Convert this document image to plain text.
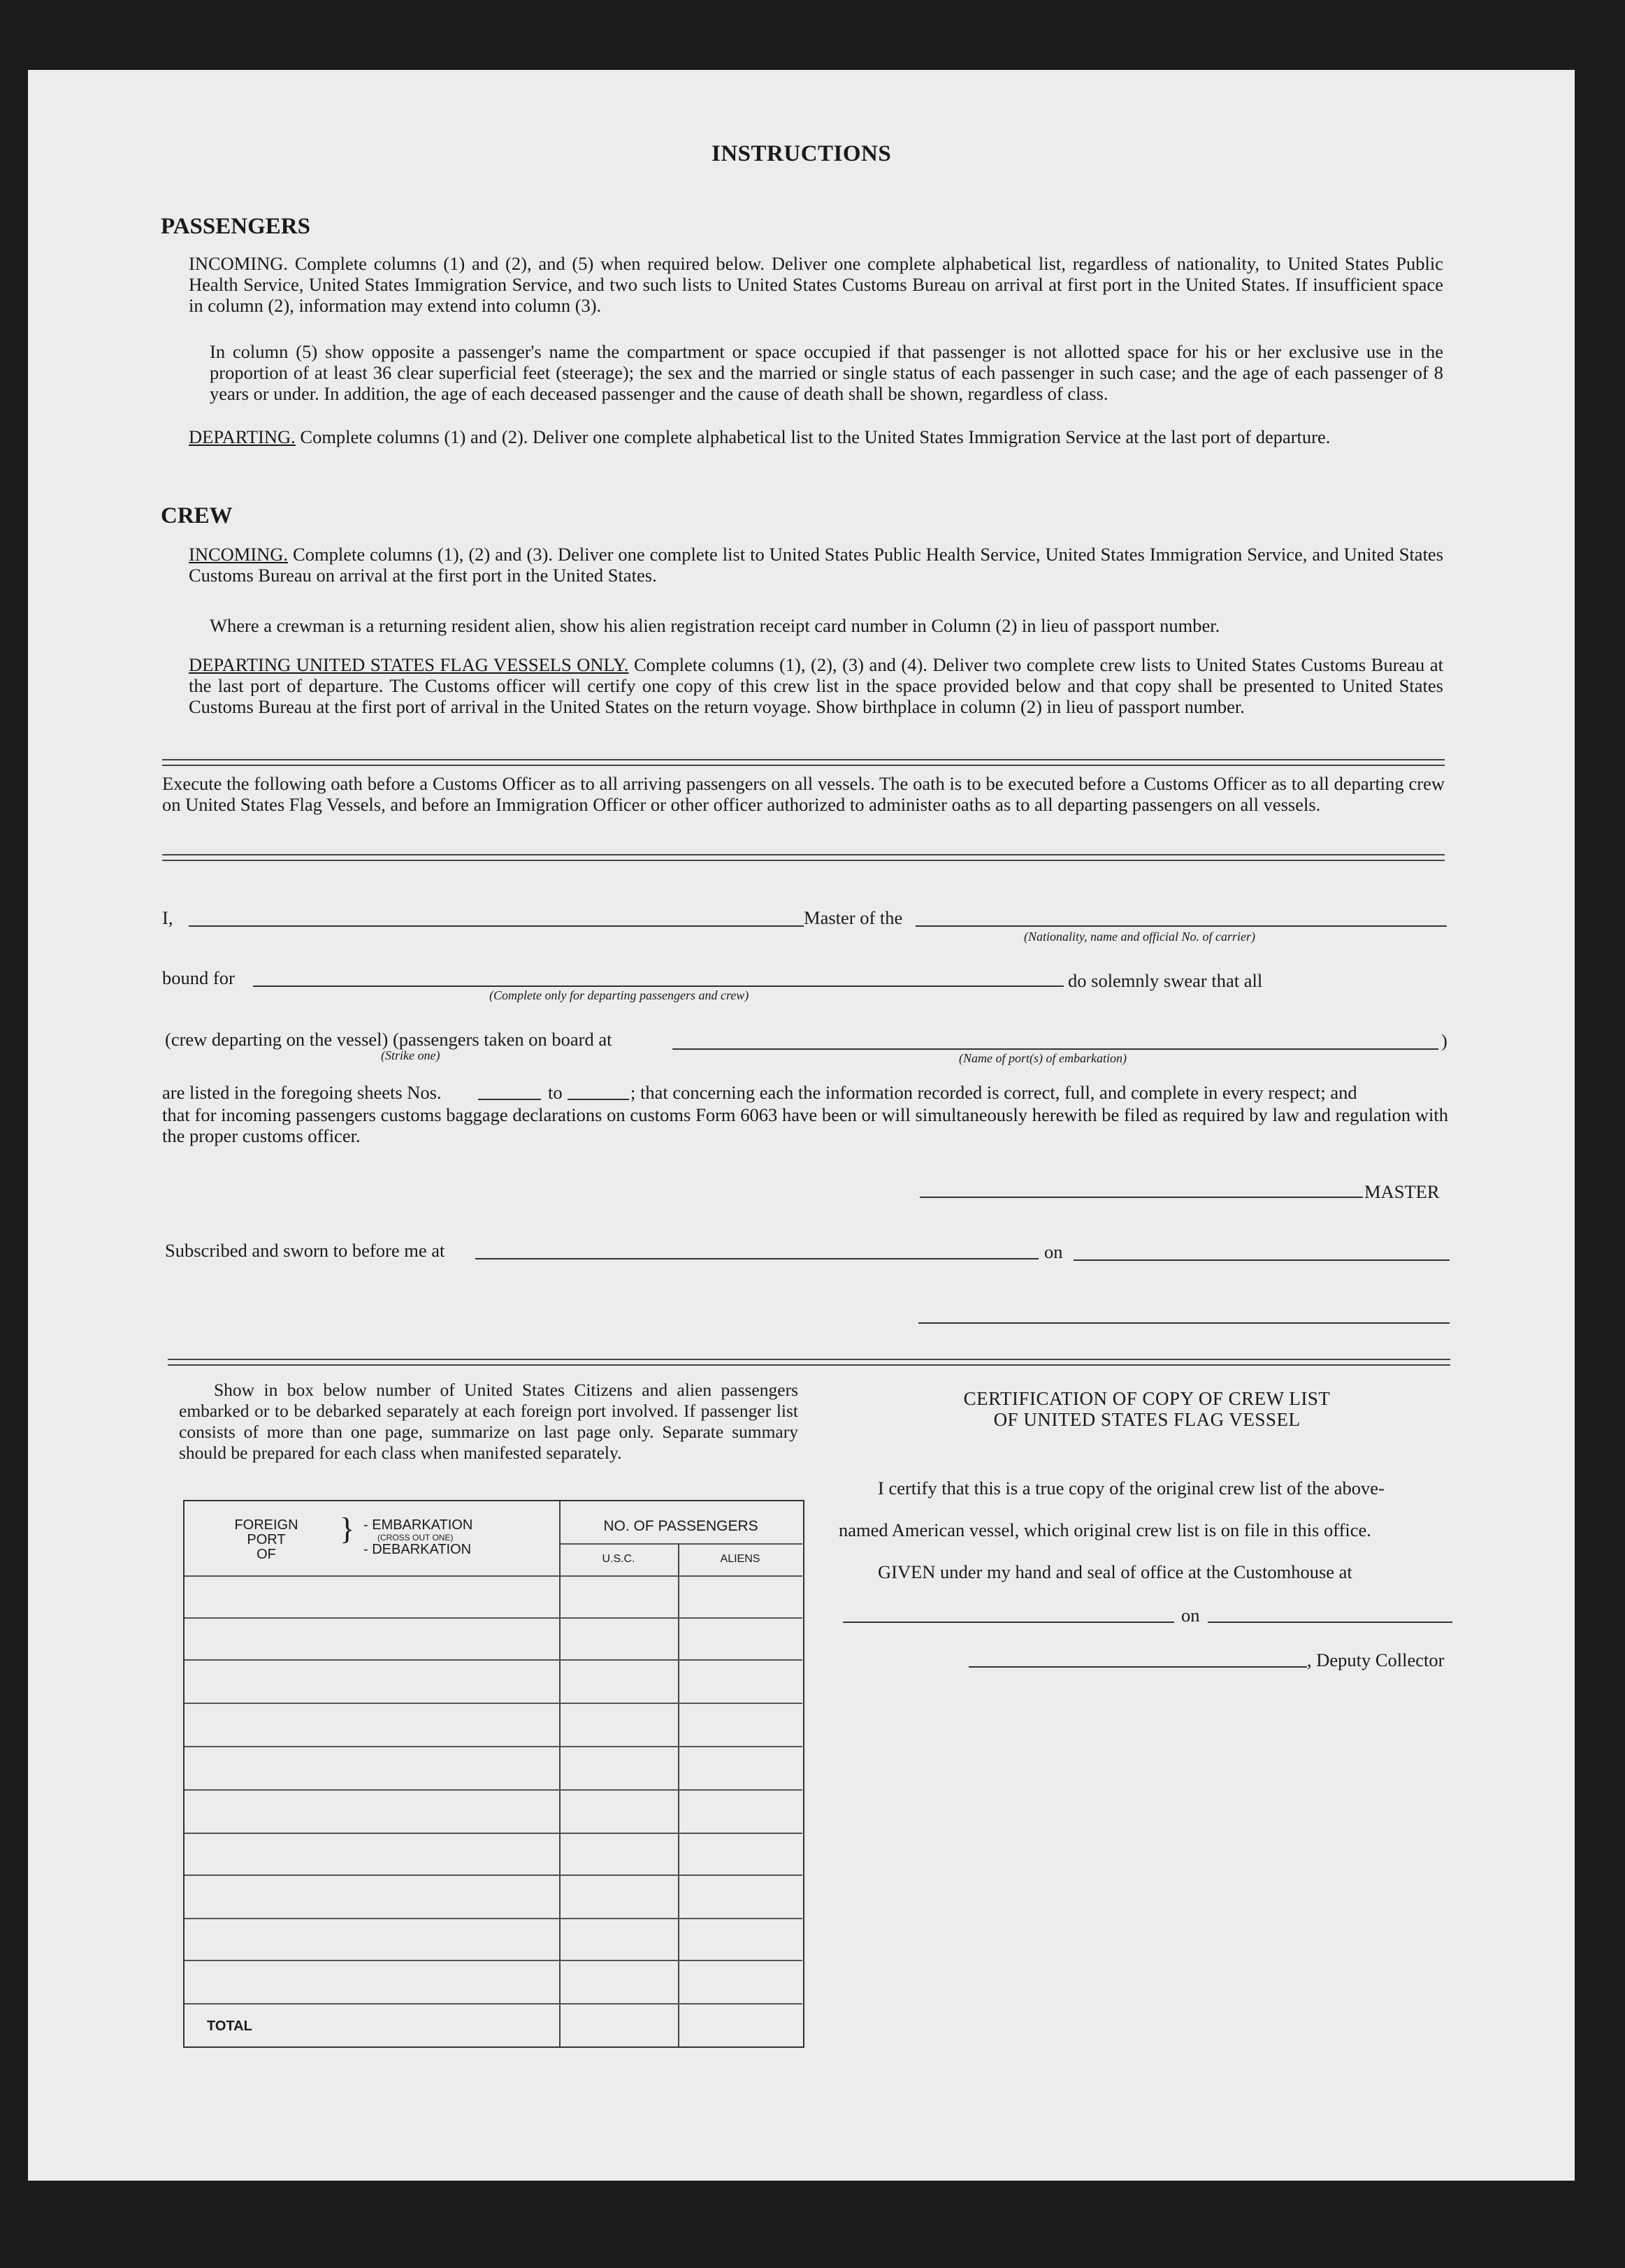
INSTRUCTIONS
PASSENGERS
INCOMING. Complete columns (1) and (2), and (5) when required below. Deliver one complete alphabetical list, regardless of nationality, to United States Public Health Service, United States Immigration Service, and two such lists to United States Customs Bureau on arrival at first port in the United States. If insufficient space in column (2), information may extend into column (3).
In column (5) show opposite a passenger's name the compartment or space occupied if that passenger is not allotted space for his or her exclusive use in the proportion of at least 36 clear superficial feet (steerage); the sex and the married or single status of each passenger in such case; and the age of each passenger of 8 years or under. In addition, the age of each deceased passenger and the cause of death shall be shown, regardless of class.
DEPARTING. Complete columns (1) and (2). Deliver one complete alphabetical list to the United States Immigration Service at the last port of departure.
CREW
INCOMING. Complete columns (1), (2) and (3). Deliver one complete list to United States Public Health Service, United States Immigration Service, and United States Customs Bureau on arrival at the first port in the United States.
Where a crewman is a returning resident alien, show his alien registration receipt card number in Column (2) in lieu of passport number.
DEPARTING UNITED STATES FLAG VESSELS ONLY. Complete columns (1), (2), (3) and (4). Deliver two complete crew lists to United States Customs Bureau at the last port of departure. The Customs officer will certify one copy of this crew list in the space provided below and that copy shall be presented to United States Customs Bureau at the first port of arrival in the United States on the return voyage. Show birthplace in column (2) in lieu of passport number.
Execute the following oath before a Customs Officer as to all arriving passengers on all vessels. The oath is to be executed before a Customs Officer as to all departing crew on United States Flag Vessels, and before an Immigration Officer or other officer authorized to administer oaths as to all departing passengers on all vessels.
I,	Master of the
(Nationality, name and official No. of carrier)
bound for
(Complete only for departing passengers and crew)
do solemnly swear that all
(crew departing on the vessel) (passengers taken on board at
(Strike one)	(Name of port(s) of embarkation)
)
are listed in the foregoing sheets Nos.	to	; that concerning each the information recorded is correct, full, and complete in every respect; and
that for incoming passengers customs baggage declarations on customs Form 6063 have been or will simultaneously herewith be filed as required by law and regulation with the proper customs officer.
MASTER
Subscribed and sworn to before me at	on
Show in box below number of United States Citizens and alien passengers embarked or to be debarked separately at each foreign port involved. If passenger list consists of more than one page, summarize on last page only. Separate summary should be prepared for each class when manifested separately.
FOREIGN
PORT
OF
} - EMBARKATION
(CROSS OUT ONE)
- DEBARKATION
NO. OF PASSENGERS
U.S.C.	ALIENS
TOTAL
CERTIFICATION OF COPY OF CREW LIST
OF UNITED STATES FLAG VESSEL
I certify that this is a true copy of the original crew list of the above-
named American vessel, which original crew list is on file in this office.
GIVEN under my hand and seal of office at the Customhouse at
on
, Deputy Collector
